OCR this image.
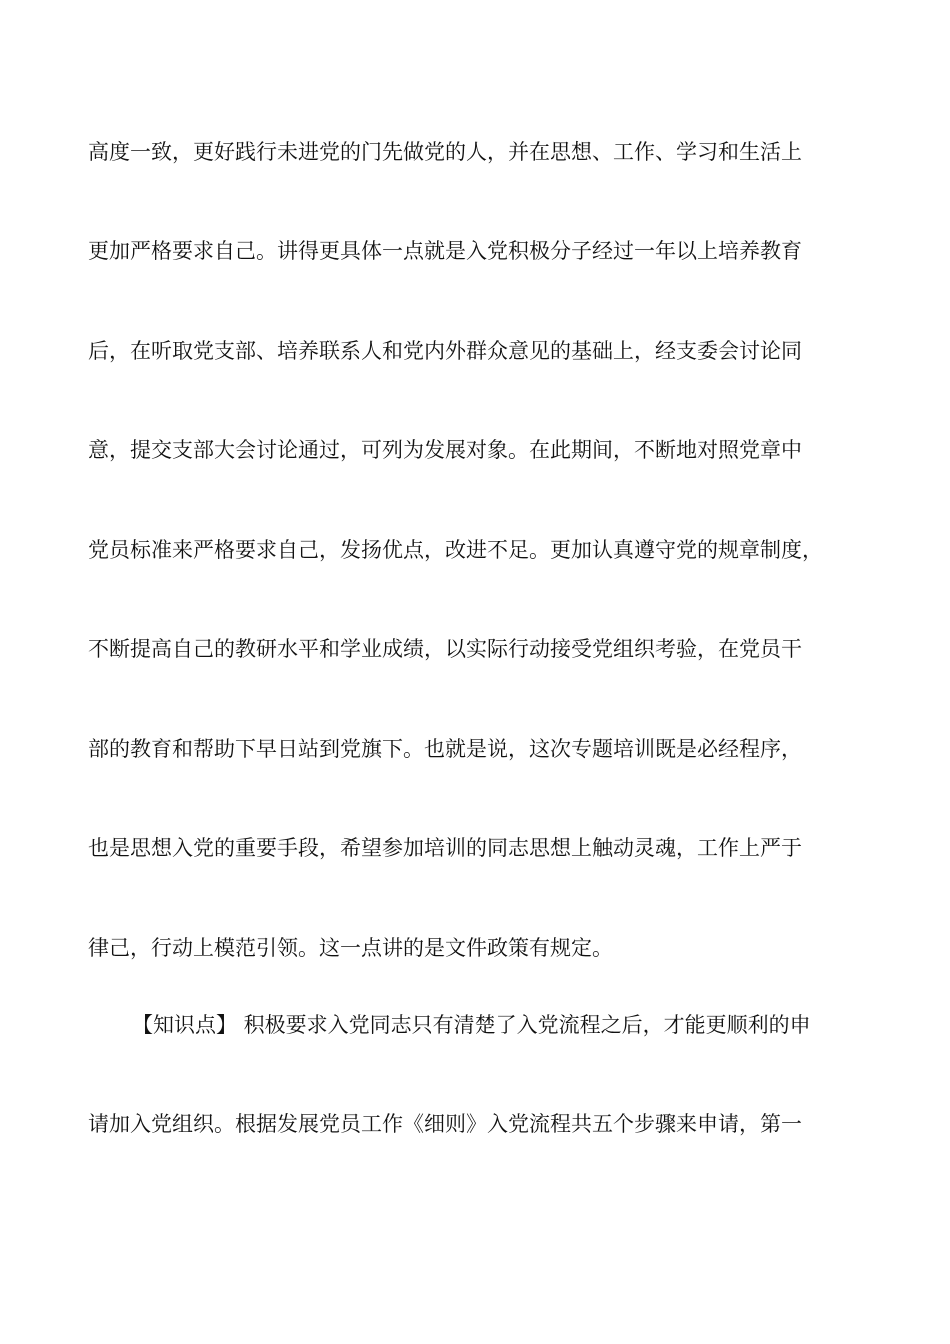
高度一致，更好践行未进党的门先做党的人，并在思想、工作、学习和生活上
更加严格要求自己。讲得更具体一点就是入党积极分子经过一年以上培养教育
后，在听取党支部、培养联系人和党内外群众意见的基础上，经支委会讨论同
意，提交支部大会讨论通过，可列为发展对象。在此期间，不断地对照党章中
党员标准来严格要求自己，发扬优点，改进不足。更加认真遵守党的规章制度，
不断提高自己的教研水平和学业成绩，以实际行动接受党组织考验，在党员干
部的教育和帮助下早日站到党旗下。也就是说，这次专题培训既是必经程序，
也是思想入党的重要手段，希望参加培训的同志思想上触动灵魂，工作上严于
律己，行动上模范引领。这一点讲的是文件政策有规定。
【知识点】 积极要求入党同志只有清楚了入党流程之后，才能更顺利的申
请加入党组织。根据发展党员工作《细则》入党流程共五个步骤来申请，第一
